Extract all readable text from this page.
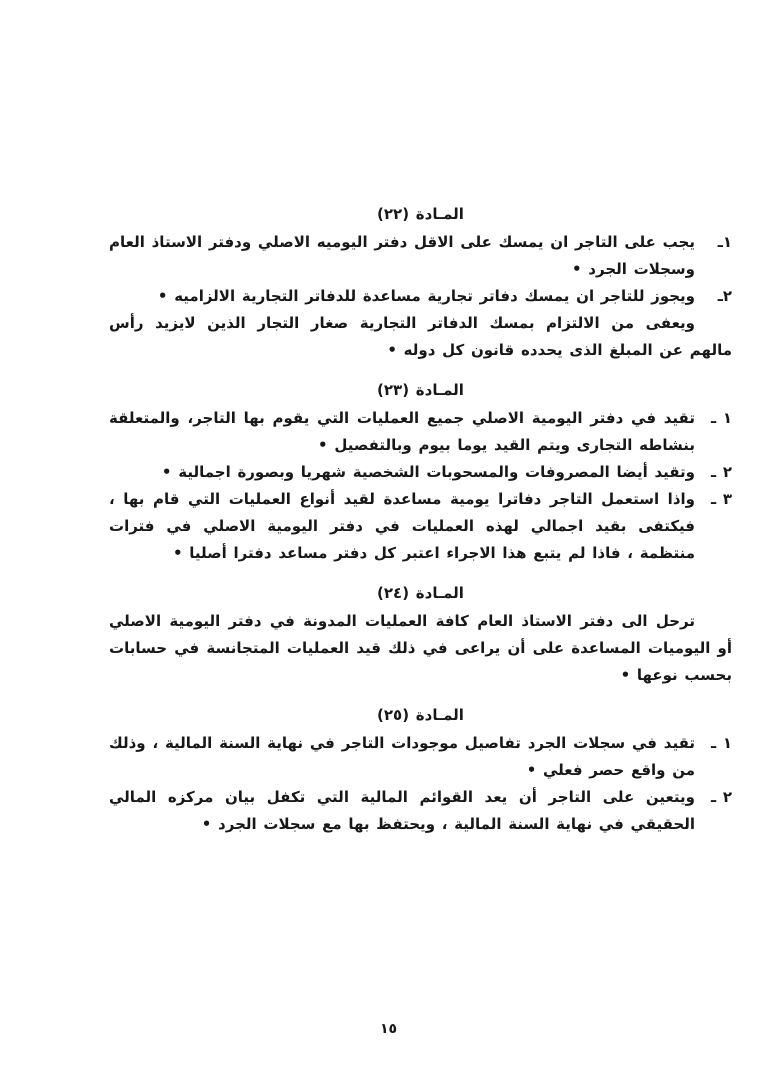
المـادة (٢٢)
١ـ

يجب على التاجر ان يمسك على الاقل دفتر اليوميه الاصلي ودفتر الاستاذ العام وسجلات الجرد •

٢ـ

ويجوز للتاجر ان يمسك دفاتر تجارية مساعدة للدفاتر التجارية الالزاميه •

ويعفى من الالتزام بمسك الدفاتر التجارية صغار التجار الذين لايزيد رأس مالهم عن المبلغ الذى يحدده قانون كل دوله •

المـادة (٢٣)
١ ـ

تقيد في دفتر اليومية الاصلي جميع العمليات التي يقوم بها التاجر، والمتعلقة بنشاطه التجارى ويتم القيد يوما بيوم وبالتفصيل •

٢ ـ

وتقيد أيضا المصروفات والمسحوبات الشخصية شهريا وبصورة اجمالية •

٣ ـ

واذا استعمل التاجر دفاترا يومية مساعدة لقيد أنواع العمليات التي قام بها ، فيكتفى بقيد اجمالي لهذه العمليات في دفتر اليومية الاصلي في فترات منتظمة ، فاذا لم يتبع هذا الاجراء اعتبر كل دفتر مساعد دفترا أصليا •

المـادة (٢٤)

ترحل الى دفتر الاستاذ العام كافة العمليات المدونة في دفتر اليومية الاصلي أو اليوميات المساعدة على أن يراعى في ذلك قيد العمليات المتجانسة في حسابات بحسب نوعها •

المـادة (٢٥)
١ ـ

تقيد في سجلات الجرد تفاصيل موجودات التاجر في نهاية السنة المالية ، وذلك من واقع حصر فعلي •

٢ ـ

ويتعين على التاجر أن يعد القوائم المالية التي تكفل بيان مركزه المالي الحقيقي في نهاية السنة المالية ، ويحتفظ بها مع سجلات الجرد •

١٥
